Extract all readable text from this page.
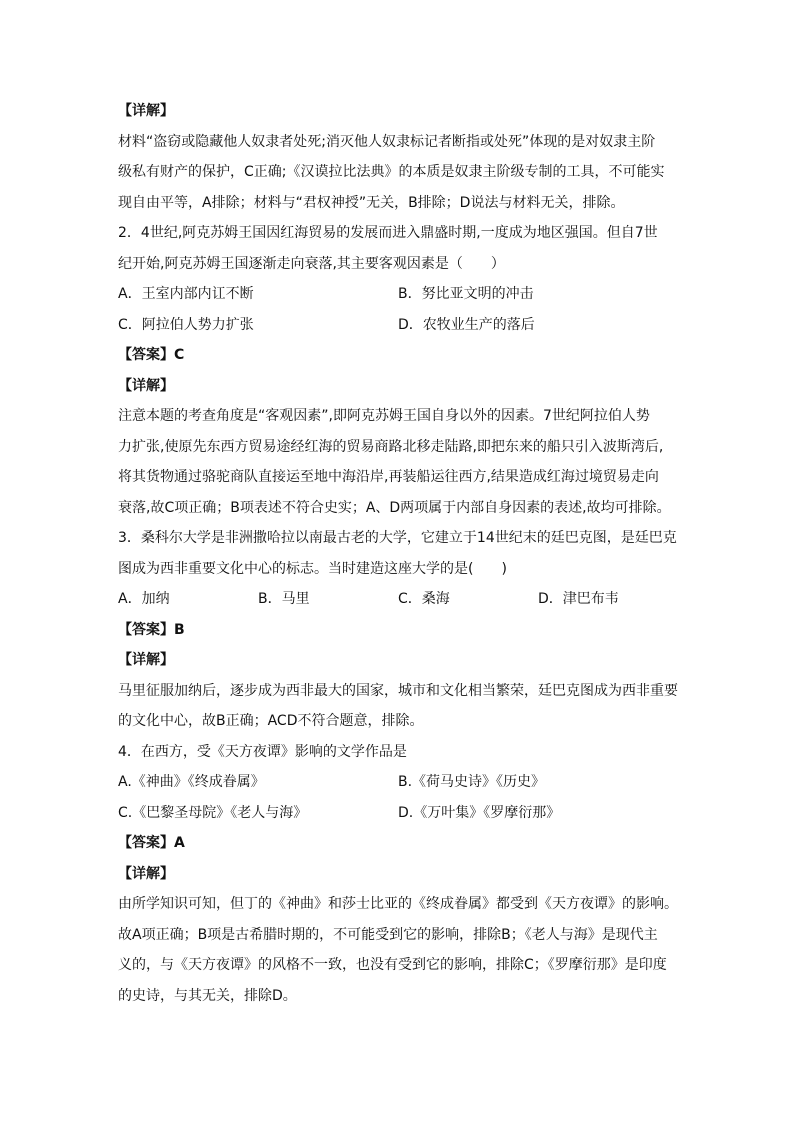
【详解】
材料“盗窃或隐藏他人奴隶者处死;消灭他人奴隶标记者断指或处死”体现的是对奴隶主阶
级私有财产的保护，C正确;《汉谟拉比法典》的本质是奴隶主阶级专制的工具，不可能实
现自由平等，A排除；材料与“君权神授”无关，B排除；D说法与材料无关，排除。
2．4世纪,阿克苏姆王国因红海贸易的发展而进入鼎盛时期,一度成为地区强国。但自7世
纪开始,阿克苏姆王国逐渐走向衰落,其主要客观因素是（　　）
A．王室内部内讧不断	B．努比亚文明的冲击
C．阿拉伯人势力扩张	D．农牧业生产的落后
【答案】C
【详解】
注意本题的考查角度是“客观因素”,即阿克苏姆王国自身以外的因素。7世纪阿拉伯人势
力扩张,使原先东西方贸易途经红海的贸易商路北移走陆路,即把东来的船只引入波斯湾后,
将其货物通过骆驼商队直接运至地中海沿岸,再装船运往西方,结果造成红海过境贸易走向
衰落,故C项正确；B项表述不符合史实；A、D两项属于内部自身因素的表述,故均可排除。
3．桑科尔大学是非洲撒哈拉以南最古老的大学，它建立于14世纪末的廷巴克图，是廷巴克
图成为西非重要文化中心的标志。当时建造这座大学的是(　　)
A．加纳	B．马里	C．桑海	D．津巴布韦
【答案】B
【详解】
马里征服加纳后，逐步成为西非最大的国家，城市和文化相当繁荣，廷巴克图成为西非重要
的文化中心，故B正确；ACD不符合题意，排除。
4．在西方，受《天方夜谭》影响的文学作品是
A.《神曲》《终成眷属》	B.《荷马史诗》《历史》
C.《巴黎圣母院》《老人与海》	D.《万叶集》《罗摩衍那》
【答案】A
【详解】
由所学知识可知，但丁的《神曲》和莎士比亚的《终成眷属》都受到《天方夜谭》的影响。
故A项正确；B项是古希腊时期的，不可能受到它的影响，排除B；《老人与海》是现代主
义的，与《天方夜谭》的风格不一致，也没有受到它的影响，排除C；《罗摩衍那》是印度
的史诗，与其无关，排除D。
